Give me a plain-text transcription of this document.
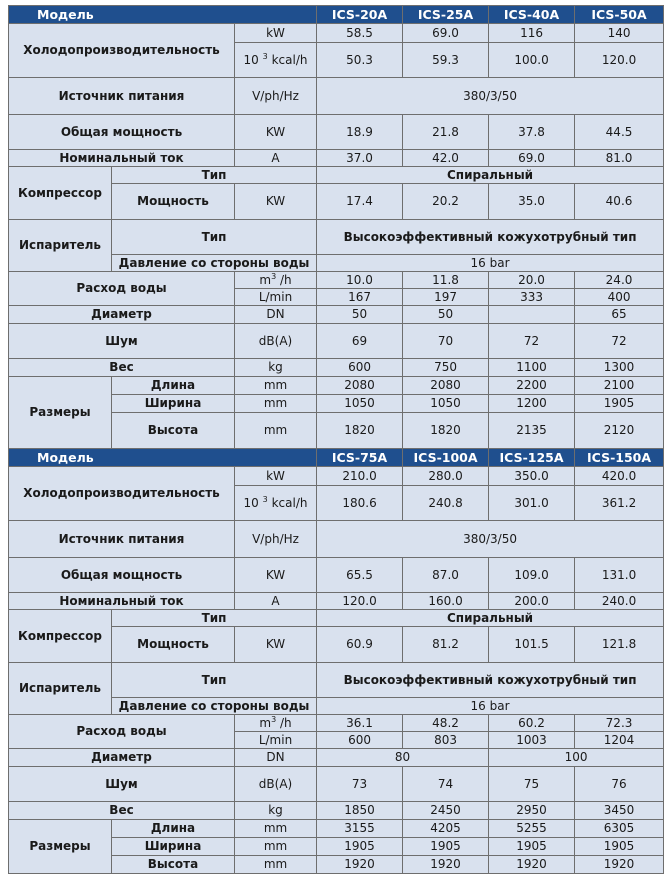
Модель			ICS-20A	ICS-25A	ICS-40A	ICS-50A
Холодопроизводительность		kW	58.5	69.0	116	140
		10 $^3$ kcal/h	50.3	59.3	100.0	120.0
Источник питания		V/ph/Hz	380/3/50			
Общая мощность		KW	18.9	21.8	37.8	44.5
Номинальный ток		A	37.0	42.0	69.0	81.0
Компрессор	Тип		Спиральный			
	Мощность	KW	17.4	20.2	35.0	40.6
Испаритель	Тип		Высокоэффективный кожухотрубный тип			
	Давление со стороны воды		16 bar			
Расход воды		$m^3$ /h	10.0	11.8	20.0	24.0
		L/min	167	197	333	400
Диаметр		DN	50	50		65
Шум		dB(A)	69	70	72	72
Вес		kg	600	750	1100	1300
Размеры	Длина	mm	2080	2080	2200	2100
	Ширина	mm	1050	1050	1200	1905
	Высота	mm	1820	1820	2135	2120
Модель			ICS-75A	ICS-100A	ICS-125A	ICS-150A
Холодопроизводительность		kW	210.0	280.0	350.0	420.0
		10 $^3$ kcal/h	180.6	240.8	301.0	361.2
Источник питания		V/ph/Hz	380/3/50			
Общая мощность		KW	65.5	87.0	109.0	131.0
Номинальный ток		A	120.0	160.0	200.0	240.0
Компрессор	Тип		Спиральный			
	Мощность	KW	60.9	81.2	101.5	121.8
Испаритель	Тип		Высокоэффективный кожухотрубный тип			
	Давление со стороны воды		16 bar			
Расход воды		$m^3$ /h	36.1	48.2	60.2	72.3
		L/min	600	803	1003	1204
Диаметр		DN	80		100	
Шум		dB(A)	73	74	75	76
Вес		kg	1850	2450	2950	3450
Размеры	Длина	mm	3155	4205	5255	6305
	Ширина	mm	1905	1905	1905	1905
	Высота	mm	1920	1920	1920	1920
